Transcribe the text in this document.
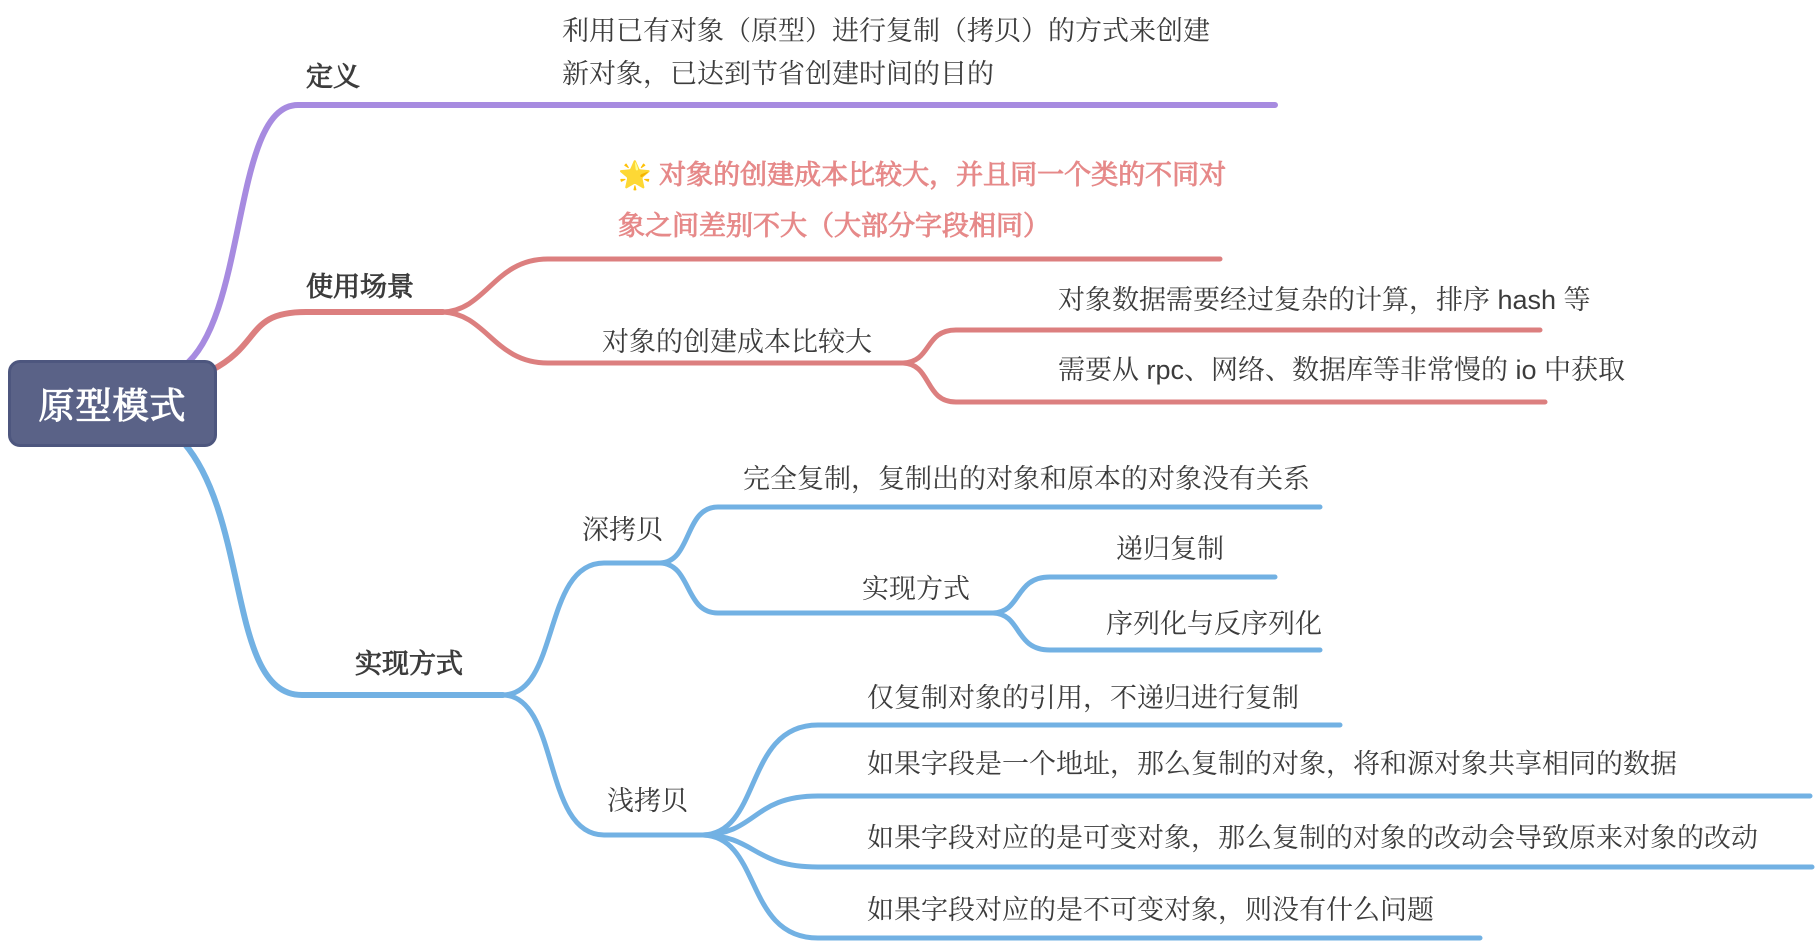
原型模式
定义
利用已有对象（原型）进行复制（拷贝）的方式来创建
新对象，已达到节省创建时间的目的
使用场景
🌟 对象的创建成本比较大，并且同一个类的不同对
象之间差别不大（大部分字段相同）
对象的创建成本比较大
对象数据需要经过复杂的计算，排序 hash 等
需要从 rpc、网络、数据库等非常慢的 io 中获取
实现方式
深拷贝
完全复制，复制出的对象和原本的对象没有关系
实现方式
递归复制
序列化与反序列化
浅拷贝
仅复制对象的引用，不递归进行复制
如果字段是一个地址，那么复制的对象，将和源对象共享相同的数据
如果字段对应的是可变对象，那么复制的对象的改动会导致原来对象的改动
如果字段对应的是不可变对象，则没有什么问题
